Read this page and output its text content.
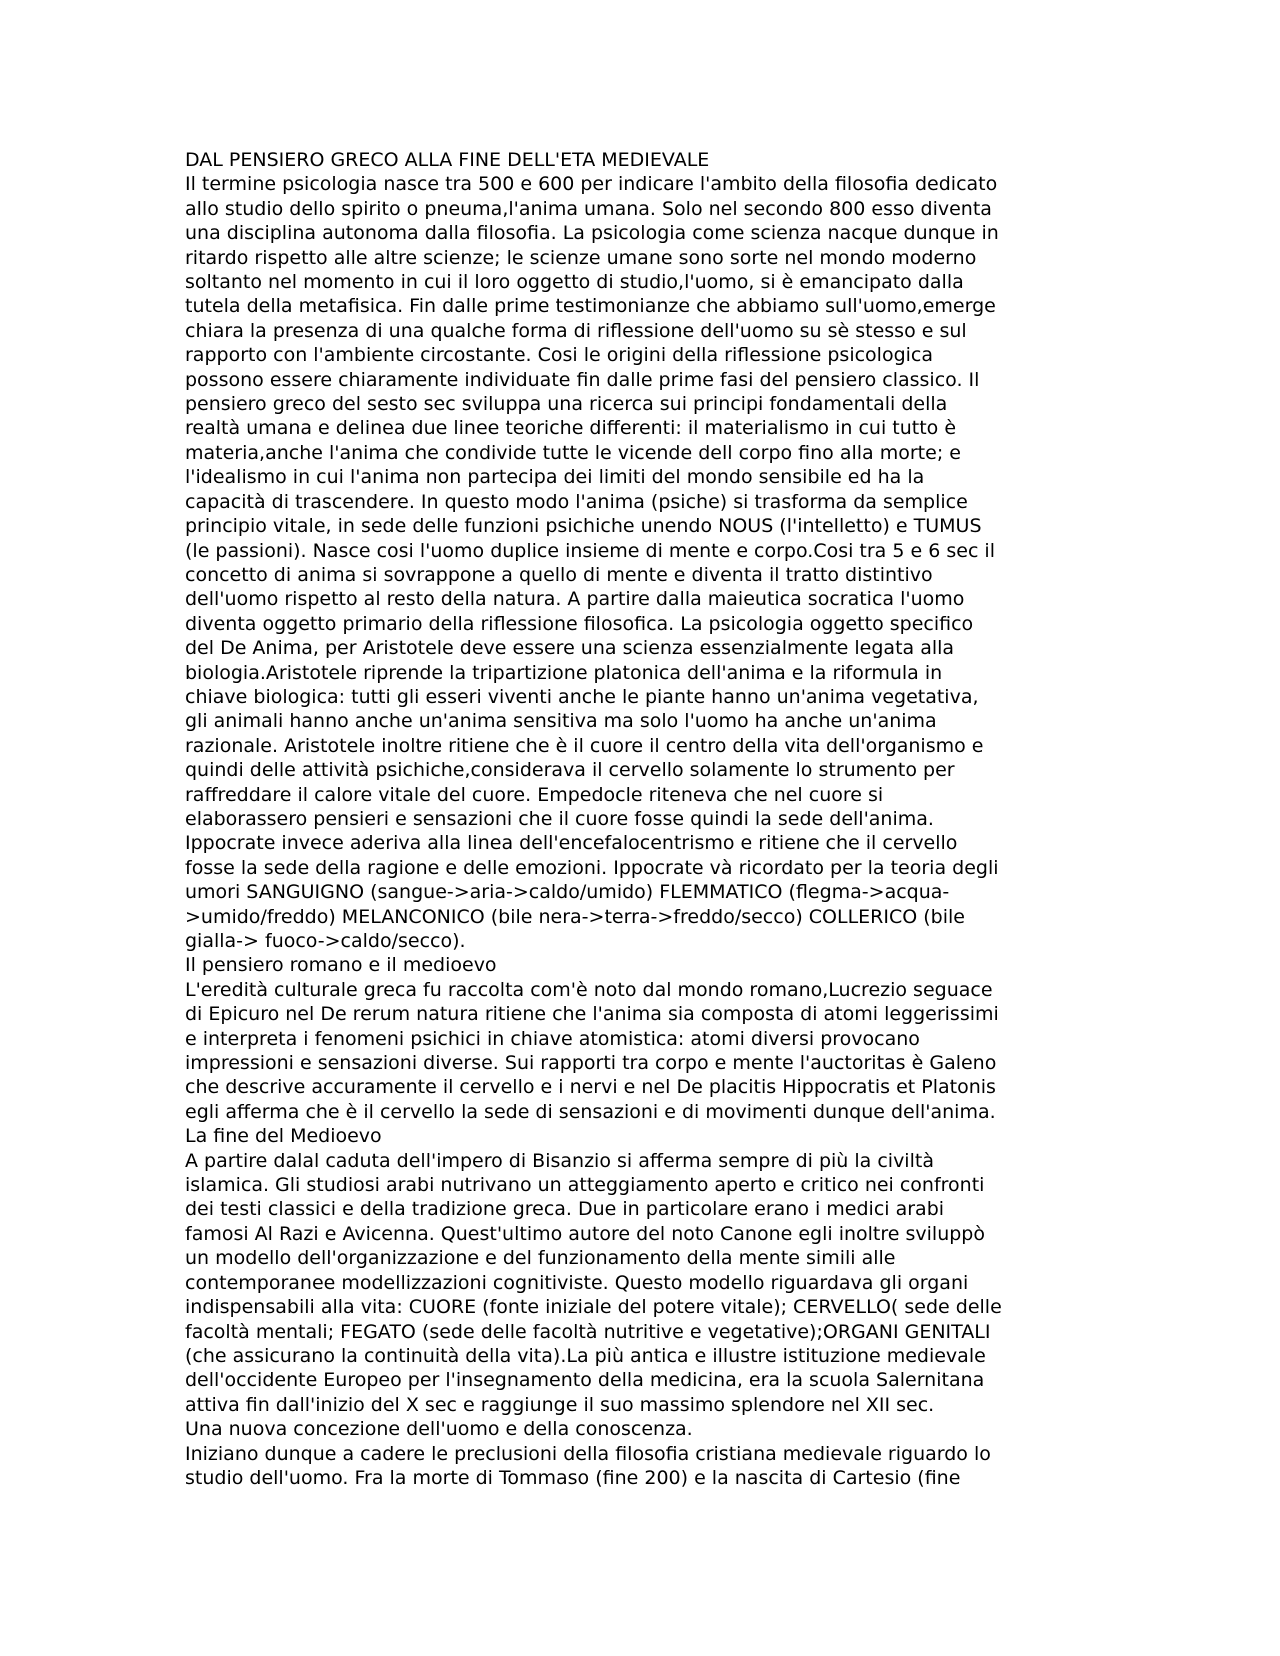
DAL PENSIERO GRECO ALLA FINE DELL'ETA MEDIEVALE
Il termine psicologia nasce tra 500 e 600 per indicare l'ambito della filosofia dedicato
allo studio dello spirito o pneuma,l'anima umana. Solo nel secondo 800 esso diventa
una disciplina autonoma dalla filosofia. La psicologia come scienza nacque dunque in
ritardo rispetto alle altre scienze; le scienze umane sono sorte nel mondo moderno
soltanto nel momento in cui il loro oggetto di studio,l'uomo, si è emancipato dalla
tutela della metafisica. Fin dalle prime testimonianze che abbiamo sull'uomo,emerge
chiara la presenza di una qualche forma di riflessione dell'uomo su sè stesso e sul
rapporto con l'ambiente circostante. Cosi le origini della riflessione psicologica
possono essere chiaramente individuate fin dalle prime fasi del pensiero classico. Il
pensiero greco del sesto sec sviluppa una ricerca sui principi fondamentali della
realtà umana e delinea due linee teoriche differenti: il materialismo in cui tutto è
materia,anche l'anima che condivide tutte le vicende dell corpo fino alla morte; e
l'idealismo in cui l'anima non partecipa dei limiti del mondo sensibile ed ha la
capacità di trascendere. In questo modo l'anima (psiche) si trasforma da semplice
principio vitale, in sede delle funzioni psichiche unendo NOUS (l'intelletto) e TUMUS
(le passioni). Nasce cosi l'uomo duplice insieme di mente e corpo.Cosi tra 5 e 6 sec il
concetto di anima si sovrappone a quello di mente e diventa il tratto distintivo
dell'uomo rispetto al resto della natura. A partire dalla maieutica socratica l'uomo
diventa oggetto primario della riflessione filosofica. La psicologia oggetto specifico
del De Anima, per Aristotele deve essere una scienza essenzialmente legata alla
biologia.Aristotele riprende la tripartizione platonica dell'anima e la riformula in
chiave biologica: tutti gli esseri viventi anche le piante hanno un'anima vegetativa,
gli animali hanno anche un'anima sensitiva ma solo l'uomo ha anche un'anima
razionale. Aristotele inoltre ritiene che è il cuore il centro della vita dell'organismo e
quindi delle attività psichiche,considerava il cervello solamente lo strumento per
raffreddare il calore vitale del cuore. Empedocle riteneva che nel cuore si
elaborassero pensieri e sensazioni che il cuore fosse quindi la sede dell'anima.
Ippocrate invece aderiva alla linea dell'encefalocentrismo e ritiene che il cervello
fosse la sede della ragione e delle emozioni. Ippocrate và ricordato per la teoria degli
umori SANGUIGNO (sangue->aria->caldo/umido) FLEMMATICO (flegma->acqua-
>umido/freddo) MELANCONICO (bile nera->terra->freddo/secco) COLLERICO (bile
gialla-> fuoco->caldo/secco).
Il pensiero romano e il medioevo
L'eredità culturale greca fu raccolta com'è noto dal mondo romano,Lucrezio seguace
di Epicuro nel De rerum natura ritiene che l'anima sia composta di atomi leggerissimi
e interpreta i fenomeni psichici in chiave atomistica: atomi diversi provocano
impressioni e sensazioni diverse. Sui rapporti tra corpo e mente l'auctoritas è Galeno
che descrive accuramente il cervello e i nervi e nel De placitis Hippocratis et Platonis
egli afferma che è il cervello la sede di sensazioni e di movimenti dunque dell'anima.
La fine del Medioevo
A partire dalal caduta dell'impero di Bisanzio si afferma sempre di più la civiltà
islamica. Gli studiosi arabi nutrivano un atteggiamento aperto e critico nei confronti
dei testi classici e della tradizione greca. Due in particolare erano i medici arabi
famosi Al Razi e Avicenna. Quest'ultimo autore del noto Canone egli inoltre sviluppò
un modello dell'organizzazione e del funzionamento della mente simili alle
contemporanee modellizzazioni cognitiviste. Questo modello riguardava gli organi
indispensabili alla vita: CUORE (fonte iniziale del potere vitale); CERVELLO( sede delle
facoltà mentali; FEGATO (sede delle facoltà nutritive e vegetative);ORGANI GENITALI
(che assicurano la continuità della vita).La più antica e illustre istituzione medievale
dell'occidente Europeo per l'insegnamento della medicina, era la scuola Salernitana
attiva fin dall'inizio del X sec e raggiunge il suo massimo splendore nel XII sec.
Una nuova concezione dell'uomo e della conoscenza.
Iniziano dunque a cadere le preclusioni della filosofia cristiana medievale riguardo lo
studio dell'uomo. Fra la morte di Tommaso (fine 200) e la nascita di Cartesio (fine
